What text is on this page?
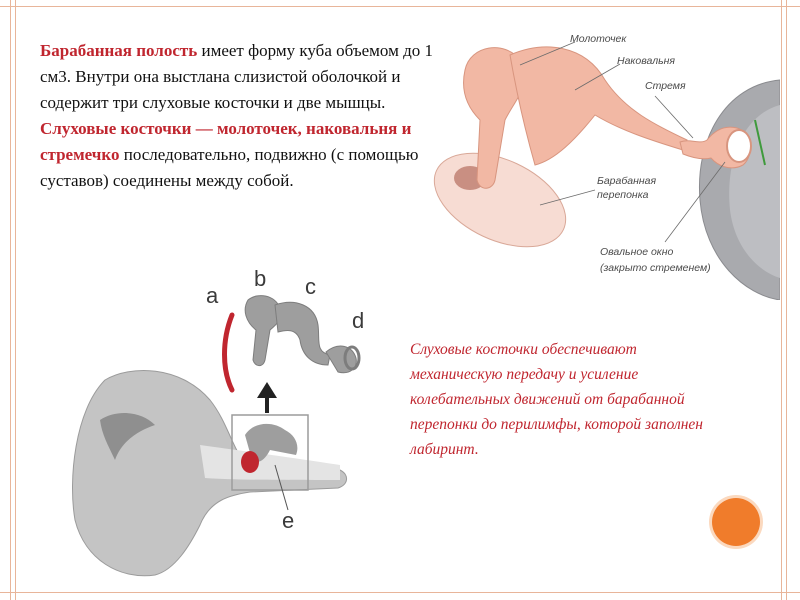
Барабанная полость имеет форму куба объемом до 1 см3. Внутри она выстлана слизистой оболочкой и содержит три слуховые косточки и две мышцы.
Слуховые косточки — молоточек, наковальня и стремечко последовательно, подвижно (с помощью суставов) соединены между собой.

Молоточек
Наковальня
Стремя
Барабанная
перепонка
Овальное окно
(закрыто стременем)
a
b c
d
e

Слуховые косточки обеспечивают механическую передачу и усиление колебательных движений от барабанной перепонки до перилимфы, которой заполнен лабиринт.
